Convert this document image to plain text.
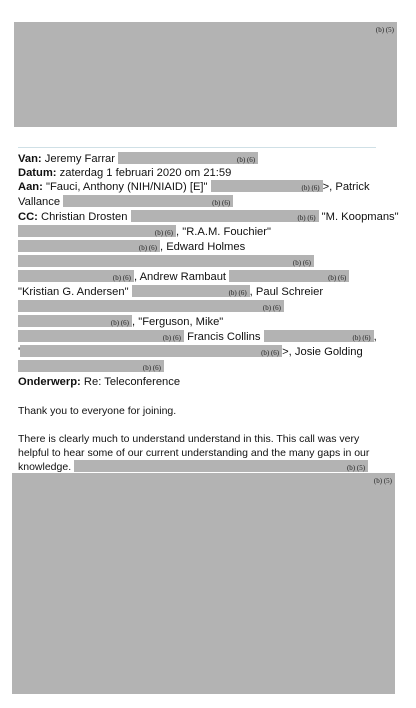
(b) (5)
Van: Jeremy Farrar	(b) (6)
Datum: zaterdag 1 februari 2020 om 21:59
Aan: "Fauci, Anthony (NIH/NIAID) [E]"	(b) (6) >, Patrick
Vallance	(b) (6)
CC: Christian Drosten	(b) (6) "M. Koopmans"
(b) (6) , "R.A.M. Fouchier"
(b) (6) , Edward Holmes
(b) (6)
(b) (6) , Andrew Rambaut	(b) (6)
"Kristian G. Andersen"	(b) (6) , Paul Schreier
(b) (6)
(b) (6) , "Ferguson, Mike"
(b) (6) Francis Collins	(b) (6) ,
'	(b) (6) >, Josie Golding
(b) (6)
Onderwerp: Re: Teleconference
Thank you to everyone for joining.
There is clearly much to understand understand in this. This call was very
helpful to hear some of our current understanding and the many gaps in our
knowledge.	(b) (5)
(b) (5)
